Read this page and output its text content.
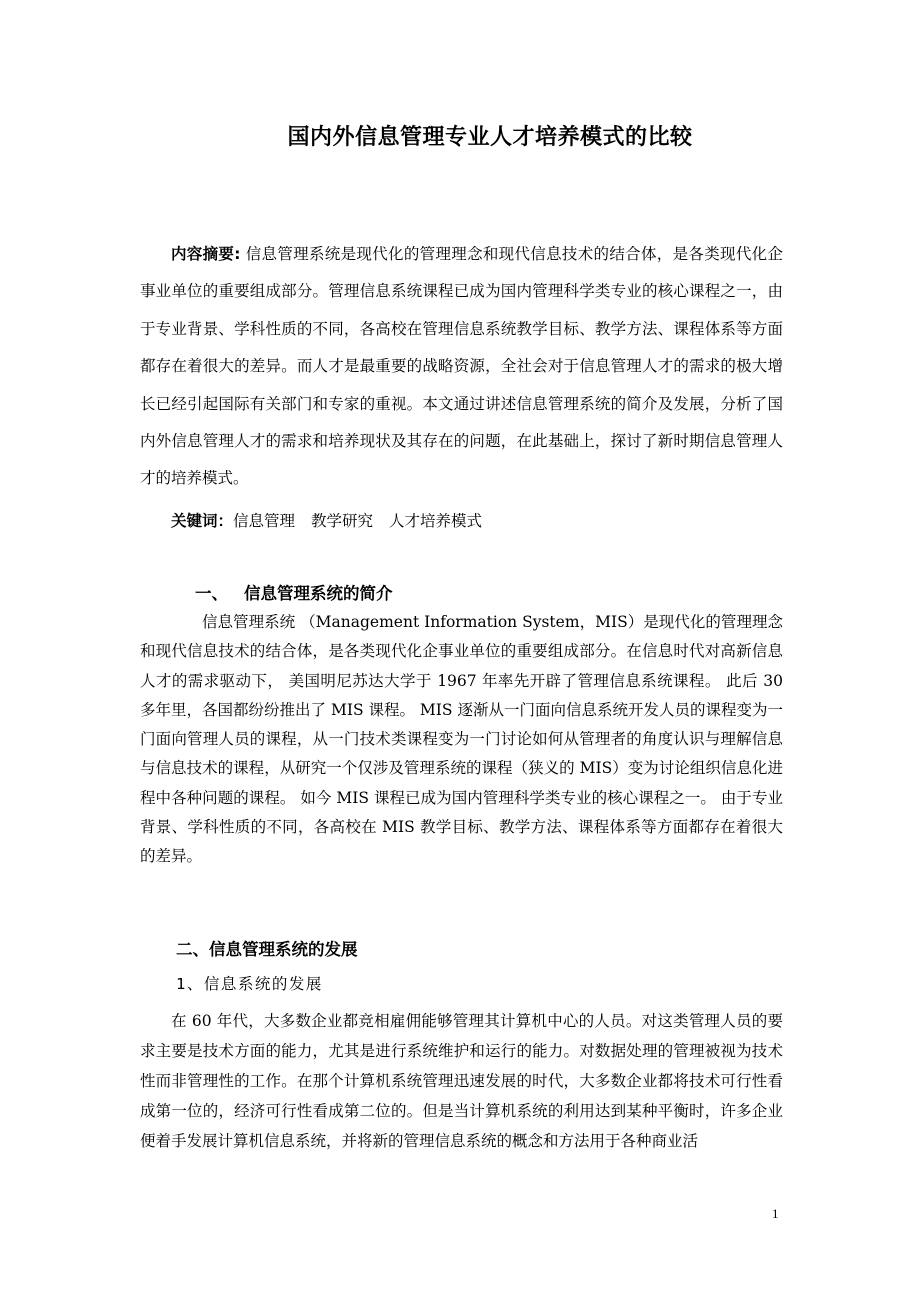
国内外信息管理专业人才培养模式的比较
内容摘要: 信息管理系统是现代化的管理理念和现代信息技术的结合体，是各类现代化企事业单位的重要组成部分。管理信息系统课程已成为国内管理科学类专业的核心课程之一，由于专业背景、学科性质的不同，各高校在管理信息系统教学目标、教学方法、课程体系等方面都存在着很大的差异。而人才是最重要的战略资源，全社会对于信息管理人才的需求的极大增长已经引起国际有关部门和专家的重视。本文通过讲述信息管理系统的简介及发展，分析了国内外信息管理人才的需求和培养现状及其存在的问题，在此基础上，探讨了新时期信息管理人才的培养模式。
关键词：信息管理 教学研究 人才培养模式
一、 信息管理系统的简介
信息管理系统 （Management Information System，MIS）是现代化的管理理念和现代信息技术的结合体，是各类现代化企事业单位的重要组成部分。在信息时代对高新信息人才的需求驱动下， 美国明尼苏达大学于 1967 年率先开辟了管理信息系统课程。 此后 30 多年里，各国都纷纷推出了 MIS 课程。 MIS 逐渐从一门面向信息系统开发人员的课程变为一门面向管理人员的课程，从一门技术类课程变为一门讨论如何从管理者的角度认识与理解信息与信息技术的课程，从研究一个仅涉及管理系统的课程（狭义的 MIS）变为讨论组织信息化进程中各种问题的课程。 如今 MIS 课程已成为国内管理科学类专业的核心课程之一。 由于专业背景、学科性质的不同，各高校在 MIS 教学目标、教学方法、课程体系等方面都存在着很大的差异。
二、信息管理系统的发展
1、信息系统的发展
在 60 年代，大多数企业都竞相雇佣能够管理其计算机中心的人员。对这类管理人员的要求主要是技术方面的能力，尤其是进行系统维护和运行的能力。对数据处理的管理被视为技术性而非管理性的工作。在那个计算机系统管理迅速发展的时代，大多数企业都将技术可行性看成第一位的，经济可行性看成第二位的。但是当计算机系统的利用达到某种平衡时，许多企业便着手发展计算机信息系统，并将新的管理信息系统的概念和方法用于各种商业活
1
